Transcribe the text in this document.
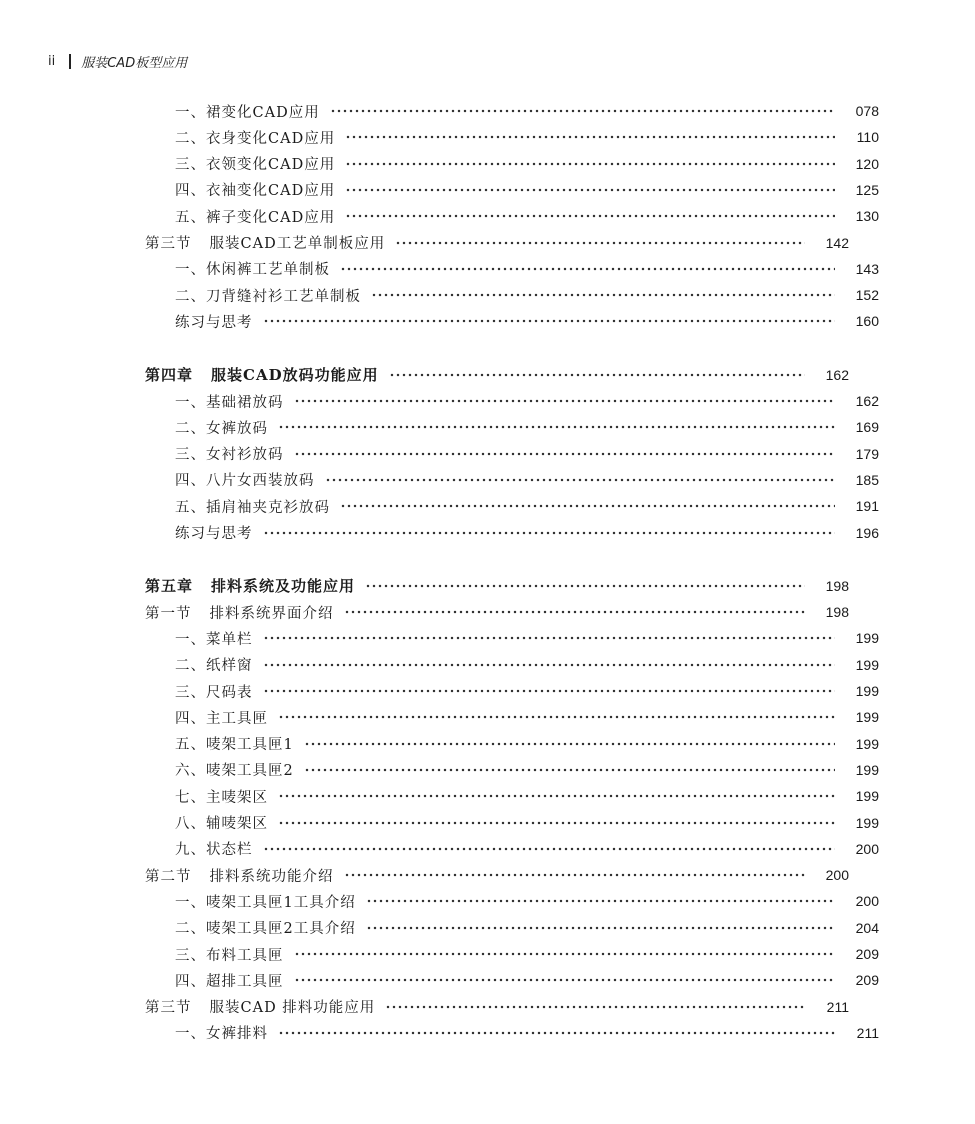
ii 服装CAD板型应用
一、裙变化CAD应用	078
二、衣身变化CAD应用	110
三、衣领变化CAD应用	120
四、衣袖变化CAD应用	125
五、裤子变化CAD应用	130
第三节 服装CAD工艺单制板应用	142
一、休闲裤工艺单制板	143
二、刀背缝衬衫工艺单制板	152
练习与思考	160
第四章 服装CAD放码功能应用	162
一、基础裙放码	162
二、女裤放码	169
三、女衬衫放码	179
四、八片女西装放码	185
五、插肩袖夹克衫放码	191
练习与思考	196
第五章 排料系统及功能应用	198
第一节 排料系统界面介绍	198
一、菜单栏	199
二、纸样窗	199
三、尺码表	199
四、主工具匣	199
五、唛架工具匣1	199
六、唛架工具匣2	199
七、主唛架区	199
八、辅唛架区	199
九、状态栏	200
第二节 排料系统功能介绍	200
一、唛架工具匣1工具介绍	200
二、唛架工具匣2工具介绍	204
三、布料工具匣	209
四、超排工具匣	209
第三节 服装CAD 排料功能应用	211
一、女裤排料	211
